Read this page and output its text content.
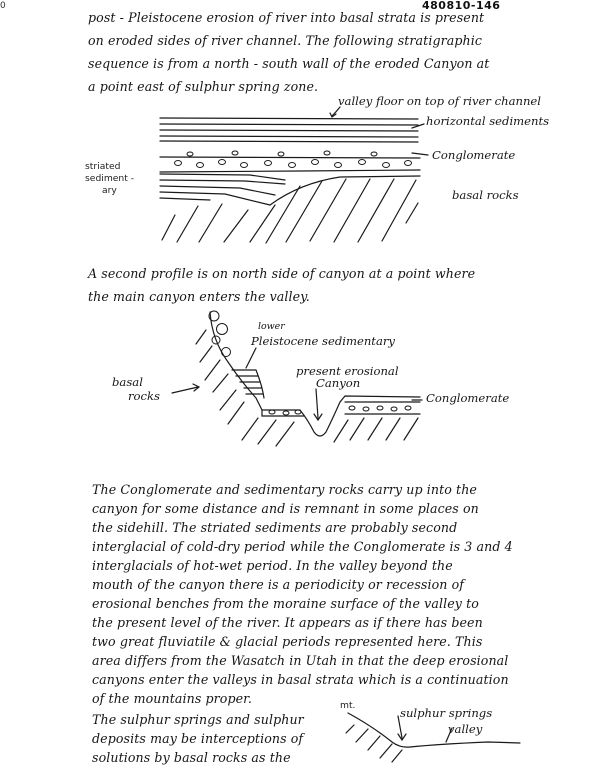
0	480810-146
post - Pleistocene erosion of river into basal strata is present
on eroded sides of river channel. The following stratigraphic
sequence is from a north - south wall of the eroded Canyon at
a point east of sulphur spring zone.
valley floor on top of river channel
horizontal sediments
Conglomerate
basal rocks
striated
sediment -
ary
A second profile is on north side of canyon at a point where
the main canyon enters the valley.
Pleistocene sedimentary
lower
present erosional
Canyon
basal
rocks	Conglomerate
The Conglomerate and sedimentary rocks carry up into the
canyon for some distance and is remnant in some places on
the sidehill. The striated sediments are probably second
interglacial of cold-dry period while the Conglomerate is 3 and 4
interglacials of hot-wet period. In the valley beyond the
mouth of the canyon there is a periodicity or recession of
erosional benches from the moraine surface of the valley to
the present level of the river. It appears as if there has been
two great fluviatile & glacial periods represented here. This
area differs from the Wasatch in Utah in that the deep erosional
canyons enter the valleys in basal strata which is a continuation
of the mountains proper.
The sulphur springs and sulphur
deposits may be interceptions of
solutions by basal rocks as the
mt.
sulphur springs
valley
